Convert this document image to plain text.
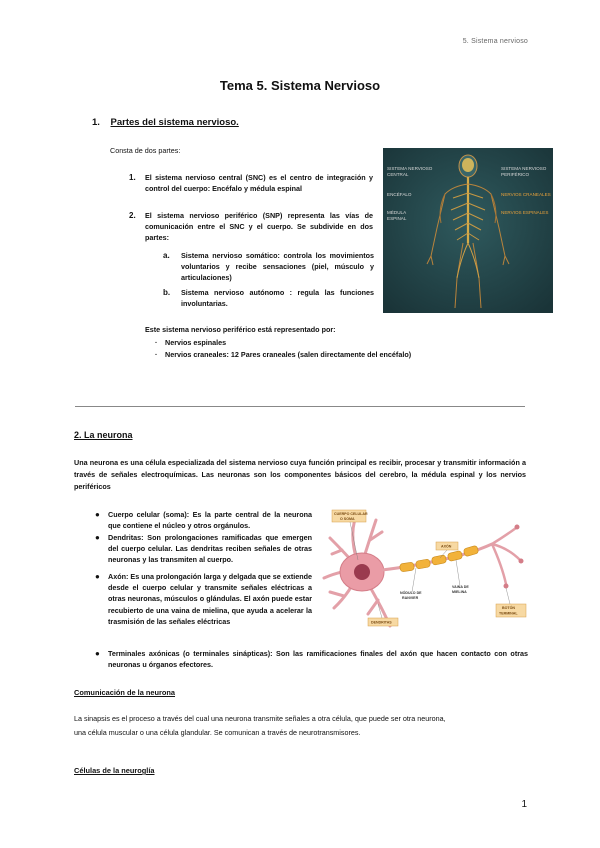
5. Sistema nervioso
Tema 5. Sistema Nervioso
1. Partes del sistema nervioso.
Consta de dos partes:
1. El sistema nervioso central (SNC) es el centro de integración y control del cuerpo: Encéfalo y médula espinal
2. El sistema nervioso periférico (SNP) representa las vías de comunicación entre el SNC y el cuerpo. Se subdivide en dos partes:
a. Sistema nervioso somático: controla los movimientos voluntarios y recibe sensaciones (piel, músculo y articulaciones)
b. Sistema nervioso autónomo : regula las funciones involuntarias.
Este sistema nervioso periférico está representado por:
· Nervios espinales
· Nervios craneales: 12 Pares craneales (salen directamente del encéfalo)
SISTEMA NERVIOSO
CENTRAL
ENCÉFALO
MÉDULA
ESPINAL
SISTEMA NERVIOSO
PERIFÉRICO
NERVIOS CRANEALES
NERVIOS ESPINALES
2. La neurona
Una neurona es una célula especializada del sistema nervioso cuya función principal es recibir, procesar y transmitir información a través de señales electroquímicas. Las neuronas son los componentes básicos del cerebro, la médula espinal y los nervios periféricos
● Cuerpo celular (soma): Es la parte central de la neurona que contiene el núcleo y otros orgánulos.
● Dendritas: Son prolongaciones ramificadas que emergen del cuerpo celular. Las dendritas reciben señales de otras neuronas y las transmiten al cuerpo.
● Axón: Es una prolongación larga y delgada que se extiende desde el cuerpo celular y transmite señales eléctricas a otras neuronas, músculos o glándulas. El axón puede estar recubierto de una vaina de mielina, que ayuda a acelerar la trasmisión de las señales eléctricas
● Terminales axónicas (o terminales sinápticas): Son las ramificaciones finales del axón que hacen contacto con otras neuronas u órganos efectores.
CUERPO CELULAR
O SOMA
AXÓN
VAINA DE
MIELINA
NÓDULO DE
RANVIER
DENDRITAS
BOTÓN
TERMINAL
Comunicación de la neurona
La sinapsis es el proceso a través del cual una neurona transmite señales a otra célula, que puede ser otra neurona, una célula muscular o una célula glandular. Se comunican a través de neurotransmisores.
Células de la neuroglía
1
